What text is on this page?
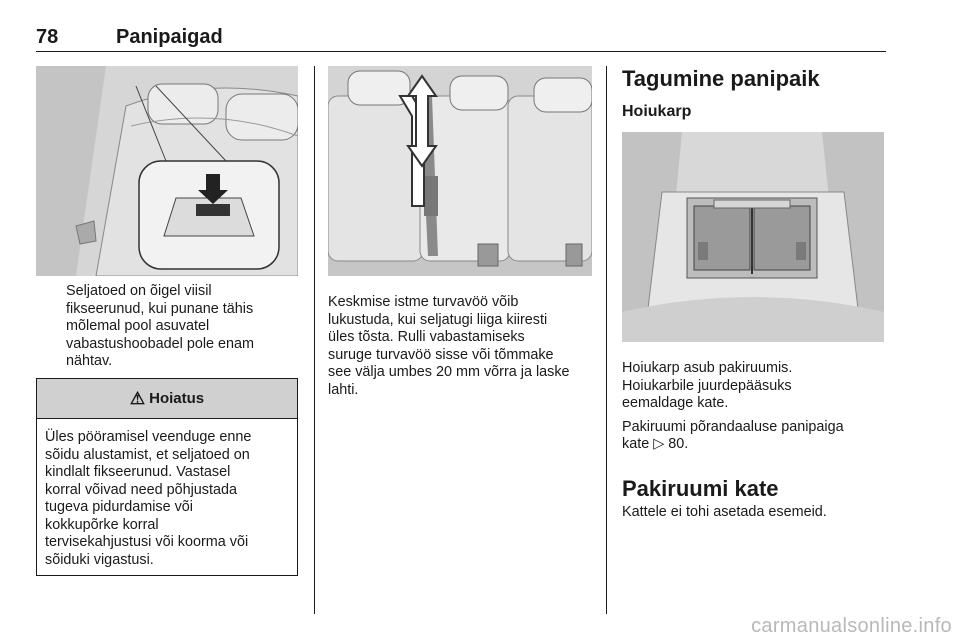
78	Panipaigad
Seljatoed on õigel viisil
fikseerunud, kui punane tähis
mõlemal pool asuvatel
vabastushoobadel pole enam
nähtav.
⚠ Hoiatus
Üles pööramisel veenduge enne
sõidu alustamist, et seljatoed on
kindlalt fikseerunud. Vastasel
korral võivad need põhjustada
tugeva pidurdamise või
kokkupõrke korral
tervisekahjustusi või koorma või
sõiduki vigastusi.
Keskmise istme turvavöö võib
lukustuda, kui seljatugi liiga kiiresti
üles tõsta. Rulli vabastamiseks
suruge turvavöö sisse või tõmmake
see välja umbes 20 mm võrra ja laske
lahti.
Tagumine panipaik
Hoiukarp

Hoiukarp asub pakiruumis.
Hoiukarbile juurdepääsuks
eemaldage kate.

Pakiruumi põrandaaluse panipaiga
kate ▷ 80.

Pakiruumi kate
Kattele ei tohi asetada esemeid.
carmanualsonline.info
